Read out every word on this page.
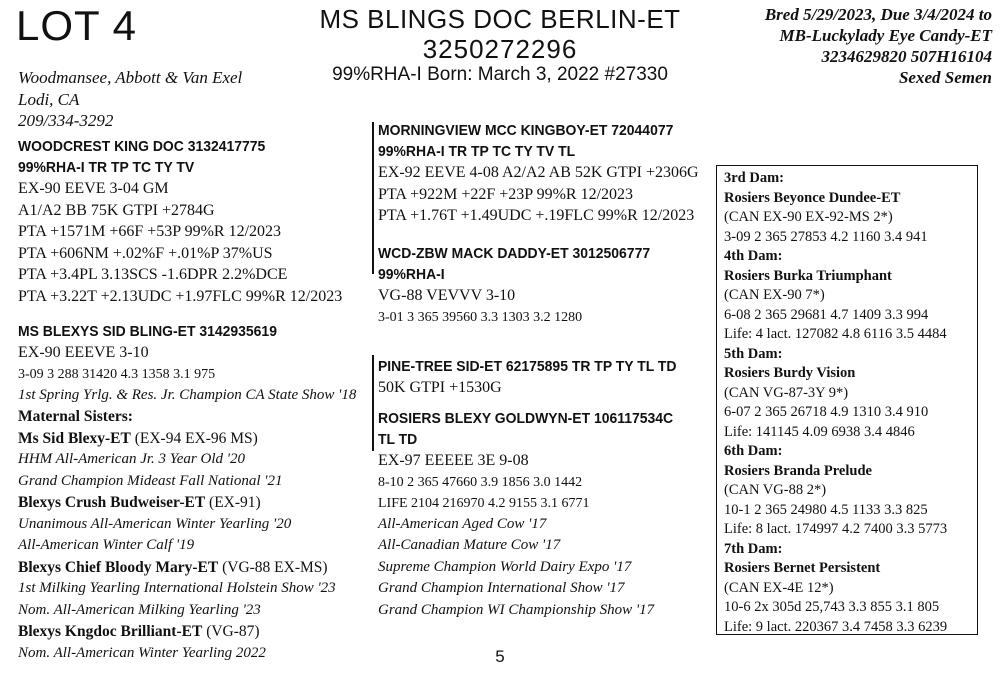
LOT 4	MS BLINGS DOC BERLIN-ET
3250272296
99%RHA-I Born: March 3, 2022 #27330
Bred 5/29/2023, Due 3/4/2024 to
MB-Luckylady Eye Candy-ET
3234629820 507H16104
Sexed Semen
Woodmansee, Abbott & Van Exel
Lodi, CA
209/334-3292
WOODCREST KING DOC 3132417775
99%RHA-I TR TP TC TY TV
EX-90 EEVE 3-04 GM
A1/A2 BB 75K GTPI +2784G
PTA +1571M +66F +53P 99%R 12/2023
PTA +606NM +.02%F +.01%P 37%US
PTA +3.4PL 3.13SCS -1.6DPR 2.2%DCE
PTA +3.22T +2.13UDC +1.97FLC 99%R 12/2023
MS BLEXYS SID BLING-ET 3142935619
EX-90 EEEVE 3-10
3-09 3 288 31420 4.3 1358 3.1 975
1st Spring Yrlg. & Res. Jr. Champion CA State Show '18
Maternal Sisters:
Ms Sid Blexy-ET (EX-94 EX-96 MS)
HHM All-American Jr. 3 Year Old '20
Grand Champion Mideast Fall National '21
Blexys Crush Budweiser-ET (EX-91)
Unanimous All-American Winter Yearling '20
All-American Winter Calf '19
Blexys Chief Bloody Mary-ET (VG-88 EX-MS)
1st Milking Yearling International Holstein Show '23
Nom. All-American Milking Yearling '23
Blexys Kngdoc Brilliant-ET (VG-87)
Nom. All-American Winter Yearling 2022
MORNINGVIEW MCC KINGBOY-ET 72044077
99%RHA-I TR TP TC TY TV TL
EX-92 EEVE 4-08 A2/A2 AB 52K GTPI +2306G
PTA +922M +22F +23P 99%R 12/2023
PTA +1.76T +1.49UDC +.19FLC 99%R 12/2023
WCD-ZBW MACK DADDY-ET 3012506777
99%RHA-I
VG-88 VEVVV 3-10
3-01 3 365 39560 3.3 1303 3.2 1280
PINE-TREE SID-ET 62175895 TR TP TY TL TD
50K GTPI +1530G
ROSIERS BLEXY GOLDWYN-ET 106117534C
TL TD
EX-97 EEEEE 3E 9-08
8-10 2 365 47660 3.9 1856 3.0 1442
LIFE 2104 216970 4.2 9155 3.1 6771
All-American Aged Cow '17
All-Canadian Mature Cow '17
Supreme Champion World Dairy Expo '17
Grand Champion International Show '17
Grand Champion WI Championship Show '17
3rd Dam:
Rosiers Beyonce Dundee-ET
(CAN EX-90 EX-92-MS 2*)
3-09 2 365 27853 4.2 1160 3.4 941
4th Dam:
Rosiers Burka Triumphant
(CAN EX-90 7*)
6-08 2 365 29681 4.7 1409 3.3 994
Life: 4 lact. 127082 4.8 6116 3.5 4484
5th Dam:
Rosiers Burdy Vision
(CAN VG-87-3Y 9*)
6-07 2 365 26718 4.9 1310 3.4 910
Life: 141145 4.09 6938 3.4 4846
6th Dam:
Rosiers Branda Prelude
(CAN VG-88 2*)
10-1 2 365 24980 4.5 1133 3.3 825
Life: 8 lact. 174997 4.2 7400 3.3 5773
7th Dam:
Rosiers Bernet Persistent
(CAN EX-4E 12*)
10-6 2x 305d 25,743 3.3 855 3.1 805
Life: 9 lact. 220367 3.4 7458 3.3 6239
5
